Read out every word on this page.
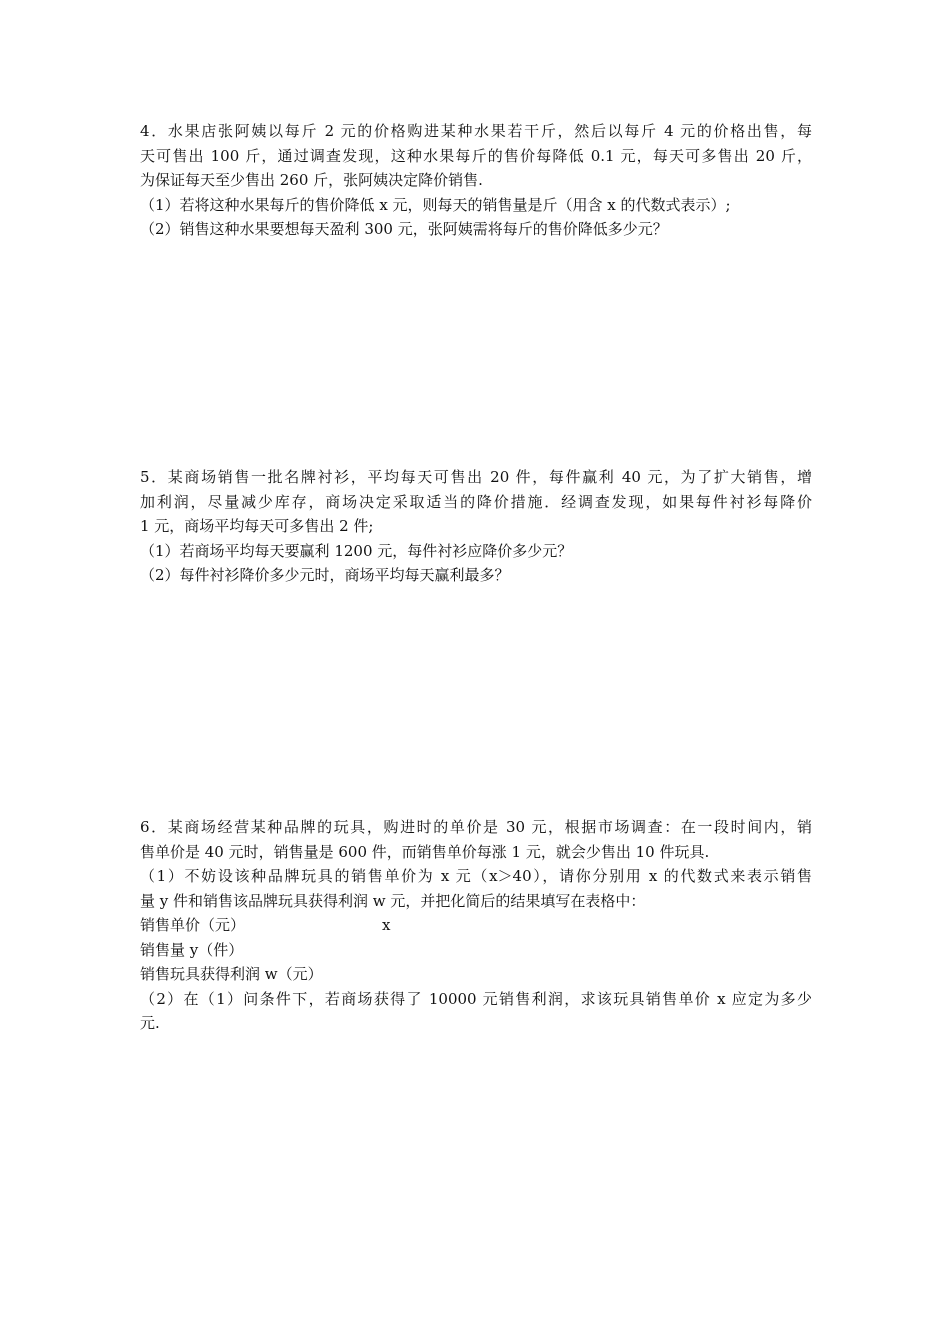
4．水果店张阿姨以每斤 2 元的价格购进某种水果若干斤，然后以每斤 4 元的价格出售，每
天可售出 100 斤，通过调查发现，这种水果每斤的售价每降低 0.1 元，每天可多售出 20 斤，
为保证每天至少售出 260 斤，张阿姨决定降价销售.
（1）若将这种水果每斤的售价降低 x 元，则每天的销售量是斤（用含 x 的代数式表示）;
（2）销售这种水果要想每天盈利 300 元，张阿姨需将每斤的售价降低多少元？
5．某商场销售一批名牌衬衫，平均每天可售出 20 件，每件赢利 40 元，为了扩大销售，增
加利润，尽量减少库存，商场决定采取适当的降价措施．经调查发现，如果每件衬衫每降价
1 元，商场平均每天可多售出 2 件;
（1）若商场平均每天要赢利 1200 元，每件衬衫应降价多少元？
（2）每件衬衫降价多少元时，商场平均每天赢利最多？
6．某商场经营某种品牌的玩具，购进时的单价是 30 元，根据市场调查：在一段时间内，销
售单价是 40 元时，销售量是 600 件，而销售单价每涨 1 元，就会少售出 10 件玩具.
（1）不妨设该种品牌玩具的销售单价为 x 元（x＞40），请你分别用 x 的代数式来表示销售
量 y 件和销售该品牌玩具获得利润 w 元，并把化简后的结果填写在表格中：
销售单价（元）	x
销售量 y（件）
销售玩具获得利润 w（元）
（2）在（1）问条件下，若商场获得了 10000 元销售利润，求该玩具销售单价 x 应定为多少
元.
